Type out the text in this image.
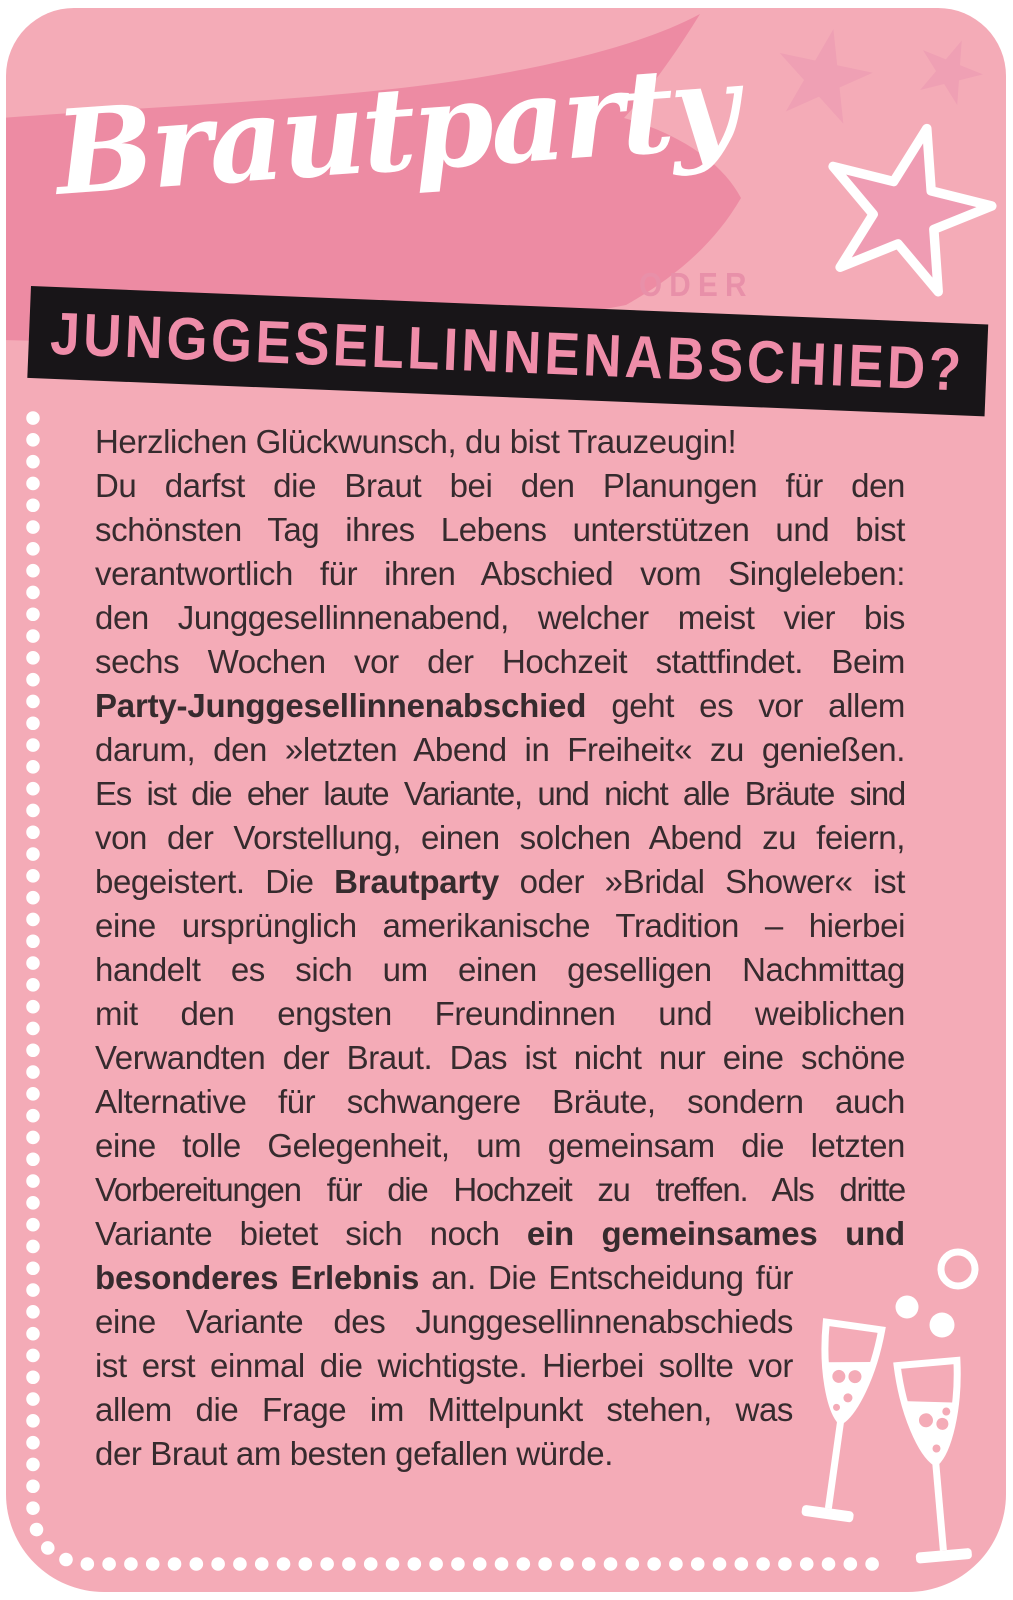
JUNGGESELLINNENABSCHIED?
Brautparty
ODER
Herzlichen Glückwunsch, du bist Trauzeugin!
Du darfst die Braut bei den Planungen für den
schönsten Tag ihres Lebens unterstützen und bist
verantwortlich für ihren Abschied vom Singleleben:
den Junggesellinnenabend, welcher meist vier bis
sechs Wochen vor der Hochzeit stattfindet. Beim
Party-Junggesellinnenabschied geht es vor allem
darum, den »letzten Abend in Freiheit« zu genießen.
Es ist die eher laute Variante, und nicht alle Bräute sind
von der Vorstellung, einen solchen Abend zu feiern,
begeistert. Die Brautparty oder »Bridal Shower« ist
eine ursprünglich amerikanische Tradition – hierbei
handelt es sich um einen geselligen Nachmittag
mit den engsten Freundinnen und weiblichen
Verwandten der Braut. Das ist nicht nur eine schöne
Alternative für schwangere Bräute, sondern auch
eine tolle Gelegenheit, um gemeinsam die letzten
Vorbereitungen für die Hochzeit zu treffen. Als dritte
Variante bietet sich noch ein gemeinsames und
besonderes Erlebnis an. Die Entscheidung für
eine Variante des Junggesellinnenabschieds
ist erst einmal die wichtigste. Hierbei sollte vor
allem die Frage im Mittelpunkt stehen, was
der Braut am besten gefallen würde.
